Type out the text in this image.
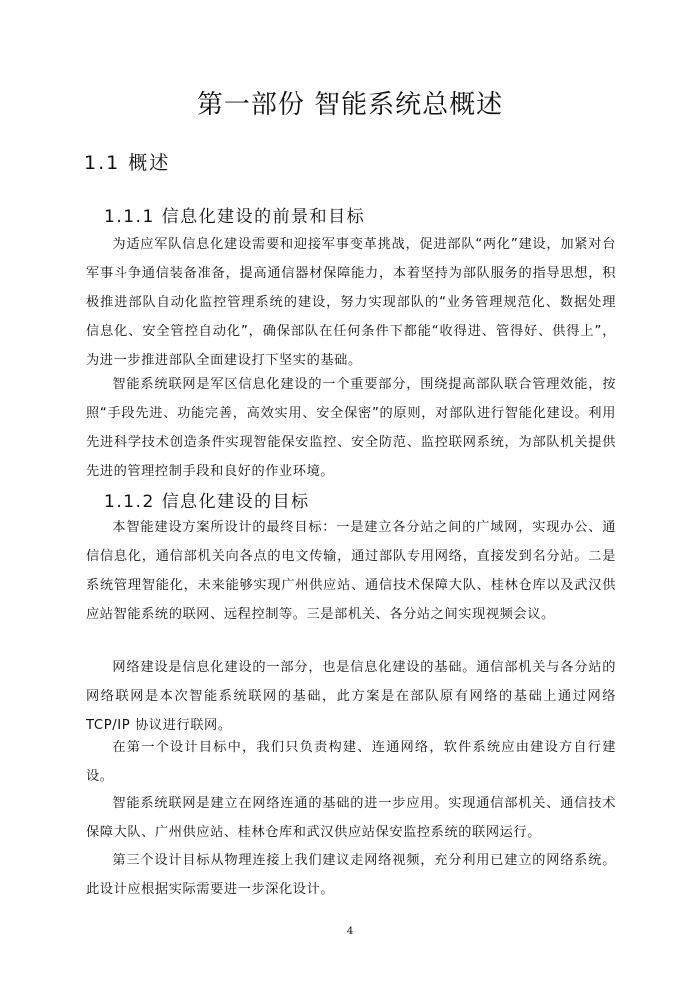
第一部份 智能系统总概述
1.1 概述
1.1.1 信息化建设的前景和目标

为适应军队信息化建设需要和迎接军事变革挑战，促进部队“两化”建设，加紧对台军事斗争通信装备准备，提高通信器材保障能力，本着坚持为部队服务的指导思想，积极推进部队自动化监控管理系统的建设，努力实现部队的“业务管理规范化、数据处理信息化、安全管控自动化”，确保部队在任何条件下都能“收得进、管得好、供得上”，为进一步推进部队全面建设打下坚实的基础。

智能系统联网是军区信息化建设的一个重要部分，围绕提高部队联合管理效能，按照“手段先进、功能完善，高效实用、安全保密”的原则，对部队进行智能化建设。利用先进科学技术创造条件实现智能保安监控、安全防范、监控联网系统，为部队机关提供先进的管理控制手段和良好的作业环境。

1.1.2 信息化建设的目标

本智能建设方案所设计的最终目标：一是建立各分站之间的广域网，实现办公、通信信息化，通信部机关向各点的电文传输，通过部队专用网络，直接发到名分站。二是系统管理智能化，未来能够实现广州供应站、通信技术保障大队、桂林仓库以及武汉供应站智能系统的联网、远程控制等。三是部机关、各分站之间实现视频会议。

网络建设是信息化建设的一部分，也是信息化建设的基础。通信部机关与各分站的网络联网是本次智能系统联网的基础，此方案是在部队原有网络的基础上通过网络 TCP/IP 协议进行联网。

在第一个设计目标中，我们只负责构建、连通网络，软件系统应由建设方自行建设。

智能系统联网是建立在网络连通的基础的进一步应用。实现通信部机关、通信技术保障大队、广州供应站、桂林仓库和武汉供应站保安监控系统的联网运行。

第三个设计目标从物理连接上我们建议走网络视频，充分利用已建立的网络系统。此设计应根据实际需要进一步深化设计。

4
